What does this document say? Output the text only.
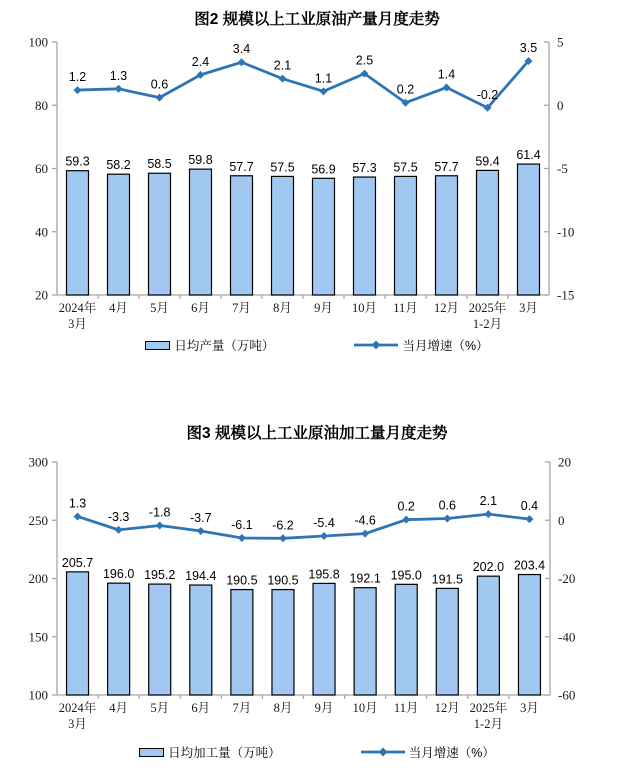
图2 规模以上工业原油产量月度走势
100
80
60
40
20
5
0
-5
-10
-15
59.3 58.2 58.5 59.8 57.7 57.5 56.9 57.3 57.5 57.7 59.4 61.4
1.2 1.3
0.6
2.4
3.4
2.1
1.1
2.5
0.2
1.4
-0.2
3.5
2024年 3月
4月 5月 6月 7月 8月 9月 10月 11月 12月 2025年 1-2月
3月
日均产量（万吨）	当月增速（%）
图3 规模以上工业原油加工量月度走势
300
250
200
150
100
20
0
-20
-40
-60
205.7
196.0 195.2 194.4 190.5 190.5 195.8 192.1 195.0 191.5
202.0 203.4
1.3
-3.3 -1.8 -3.7 -6.1 -6.2 -5.4 -4.6
0.2 0.6 2.1 0.4
2024年 3月
4月 5月 6月 7月 8月 9月 10月 11月 12月 2025年 1-2月
3月
日均加工量（万吨）	当月增速（%）
